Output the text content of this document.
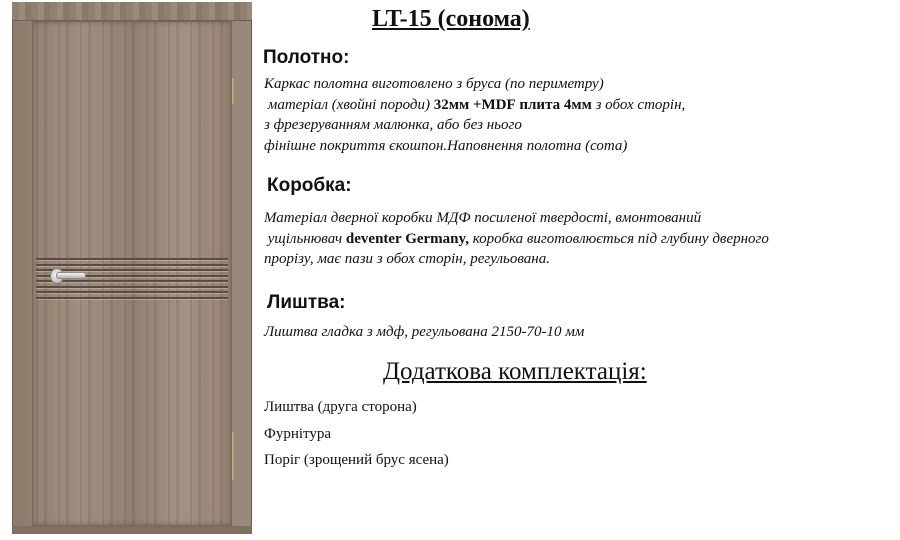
LT-15 (сонома)
Полотно:

Каркас полотна виготовлено з бруса (по периметру)
матеріал (хвойні породи) 32мм +MDF плита 4мм з обох сторін,
з фрезеруванням малюнка, або без нього
фінішне покриття єкошпон.Наповнення полотна (сота)

Коробка:

Матеріал дверної коробки МДФ посиленої твердості, вмонтований
ущільнювач deventer Germany, коробка виготовлюється під глубину дверного
прорізу, має пази з обох сторін, регульована.

Лиштва:

Лиштва гладка з мдф, регульована 2150-70-10 мм

Додаткова комплектація:

Лиштва (друга сторона)

Фурнітура

Поріг (зрощений брус ясена)
